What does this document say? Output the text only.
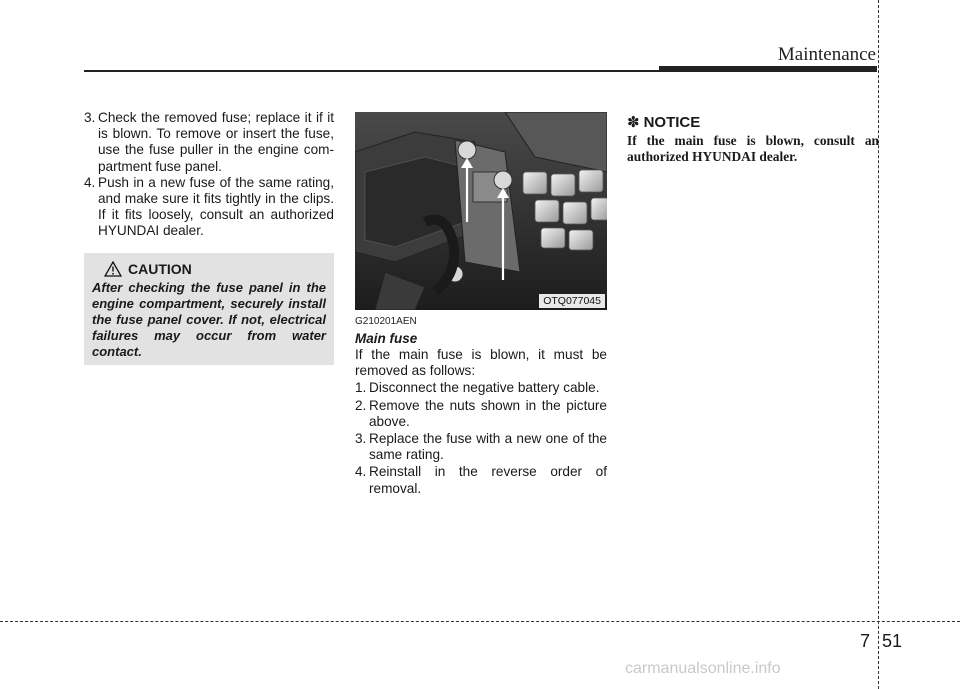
Maintenance
3. Check the removed fuse; replace it if it is blown. To remove or insert the fuse, use the fuse puller in the engine com-partment fuse panel.
4. Push in a new fuse of the same rating, and make sure it fits tightly in the clips. If it fits loosely, consult an authorized HYUNDAI dealer.
CAUTION
After checking the fuse panel in the engine compartment, securely install the fuse panel cover. If not, electrical failures may occur from water contact.
OTQ077045
G210201AEN
Main fuse

If the main fuse is blown, it must be removed as follows:

1. Disconnect the negative battery cable.
2. Remove the nuts shown in the picture above.
3. Replace the fuse with a new one of the same rating.
4. Reinstall in the reverse order of removal.
✽ NOTICE
If the main fuse is blown, consult an authorized HYUNDAI dealer.
7 51
carmanualsonline.info
